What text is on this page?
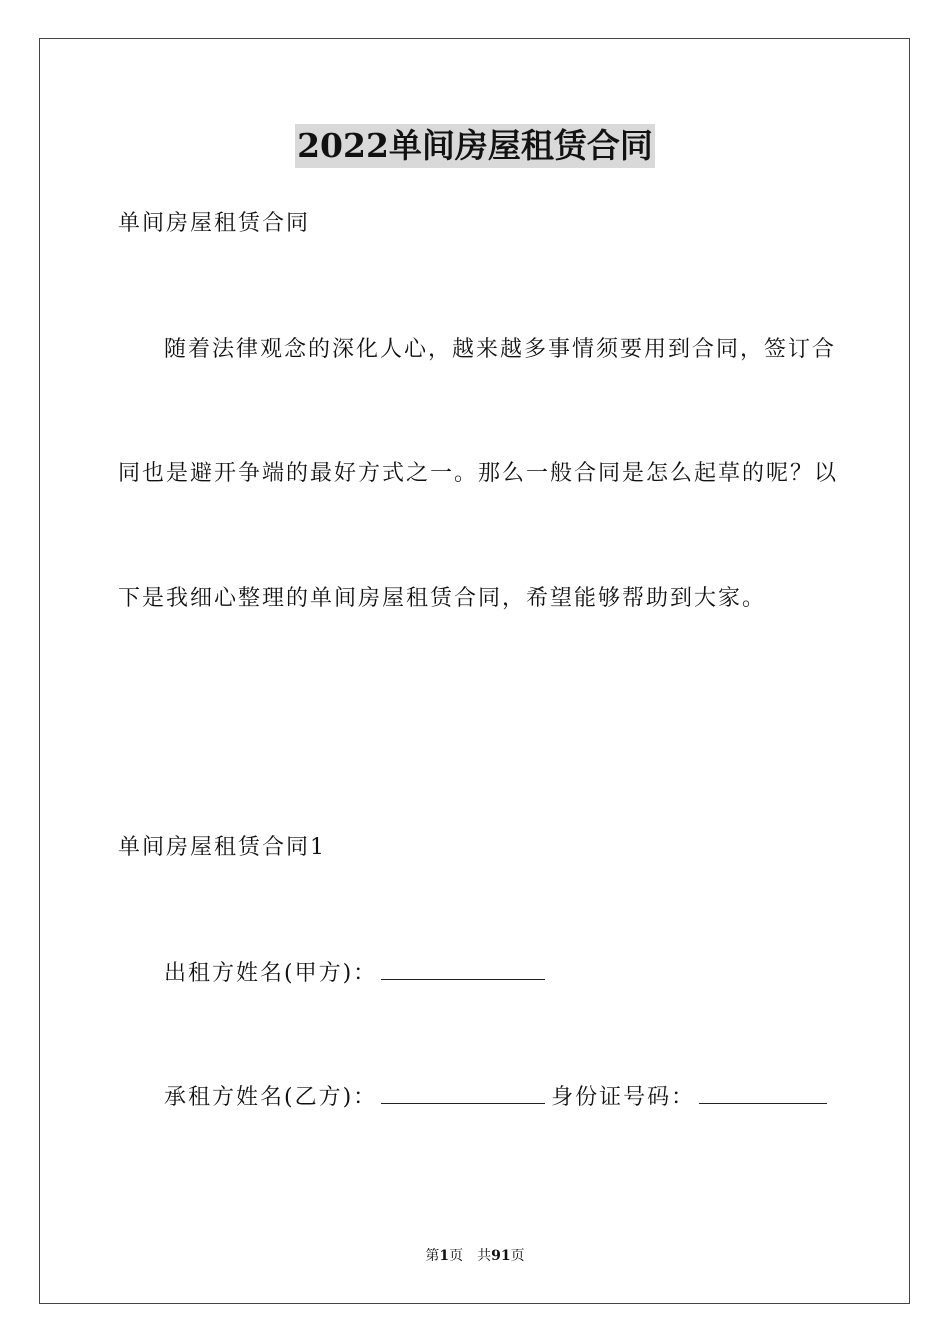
2022单间房屋租赁合同
单间房屋租赁合同
随着法律观念的深化人心，越来越多事情须要用到合同，签订合
同也是避开争端的最好方式之一。那么一般合同是怎么起草的呢？以
下是我细心整理的单间房屋租赁合同，希望能够帮助到大家。
单间房屋租赁合同1
出租方姓名(甲方)：
承租方姓名(乙方)：	身份证号码：
第1页　共91页
